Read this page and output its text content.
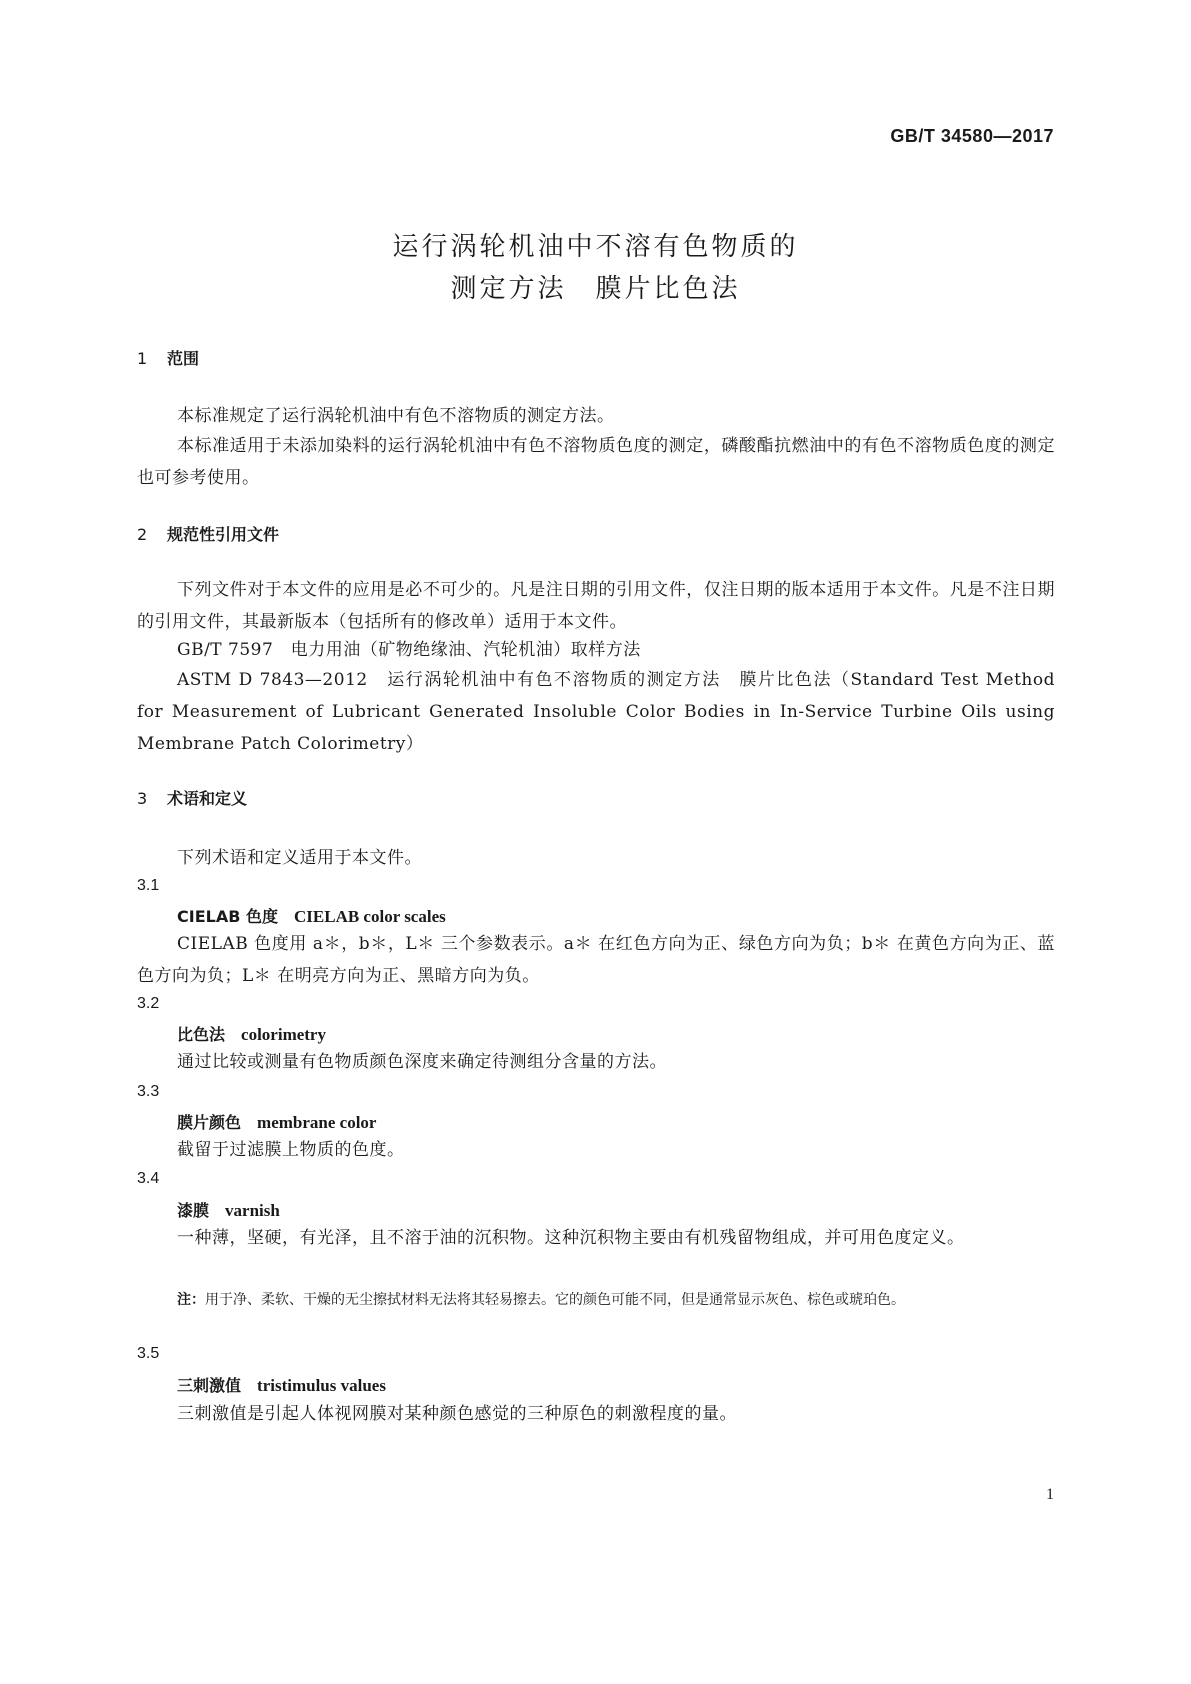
GB/T 34580—2017
运行涡轮机油中不溶有色物质的
测定方法　膜片比色法
1 范围
本标准规定了运行涡轮机油中有色不溶物质的测定方法。
本标准适用于未添加染料的运行涡轮机油中有色不溶物质色度的测定，磷酸酯抗燃油中的有色不溶物质色度的测定也可参考使用。
2 规范性引用文件
下列文件对于本文件的应用是必不可少的。凡是注日期的引用文件，仅注日期的版本适用于本文件。凡是不注日期的引用文件，其最新版本（包括所有的修改单）适用于本文件。
GB/T 7597　电力用油（矿物绝缘油、汽轮机油）取样方法
ASTM D 7843—2012　运行涡轮机油中有色不溶物质的测定方法　膜片比色法（Standard Test Method for Measurement of Lubricant Generated Insoluble Color Bodies in In-Service Turbine Oils using Membrane Patch Colorimetry）
3 术语和定义
下列术语和定义适用于本文件。
3.1
CIELAB 色度　 CIELAB color scales
CIELAB 色度用 a＊，b＊，L＊ 三个参数表示。a＊ 在红色方向为正、绿色方向为负；b＊ 在黄色方向为正、蓝色方向为负；L＊ 在明亮方向为正、黑暗方向为负。
3.2
比色法　 colorimetry
通过比较或测量有色物质颜色深度来确定待测组分含量的方法。
3.3
膜片颜色　 membrane color
截留于过滤膜上物质的色度。
3.4
漆膜　 varnish
一种薄，坚硬，有光泽，且不溶于油的沉积物。这种沉积物主要由有机残留物组成，并可用色度定义。
注：用于净、柔软、干燥的无尘擦拭材料无法将其轻易擦去。它的颜色可能不同，但是通常显示灰色、棕色或琥珀色。
3.5
三刺激值　 tristimulus values
三刺激值是引起人体视网膜对某种颜色感觉的三种原色的刺激程度的量。
1
